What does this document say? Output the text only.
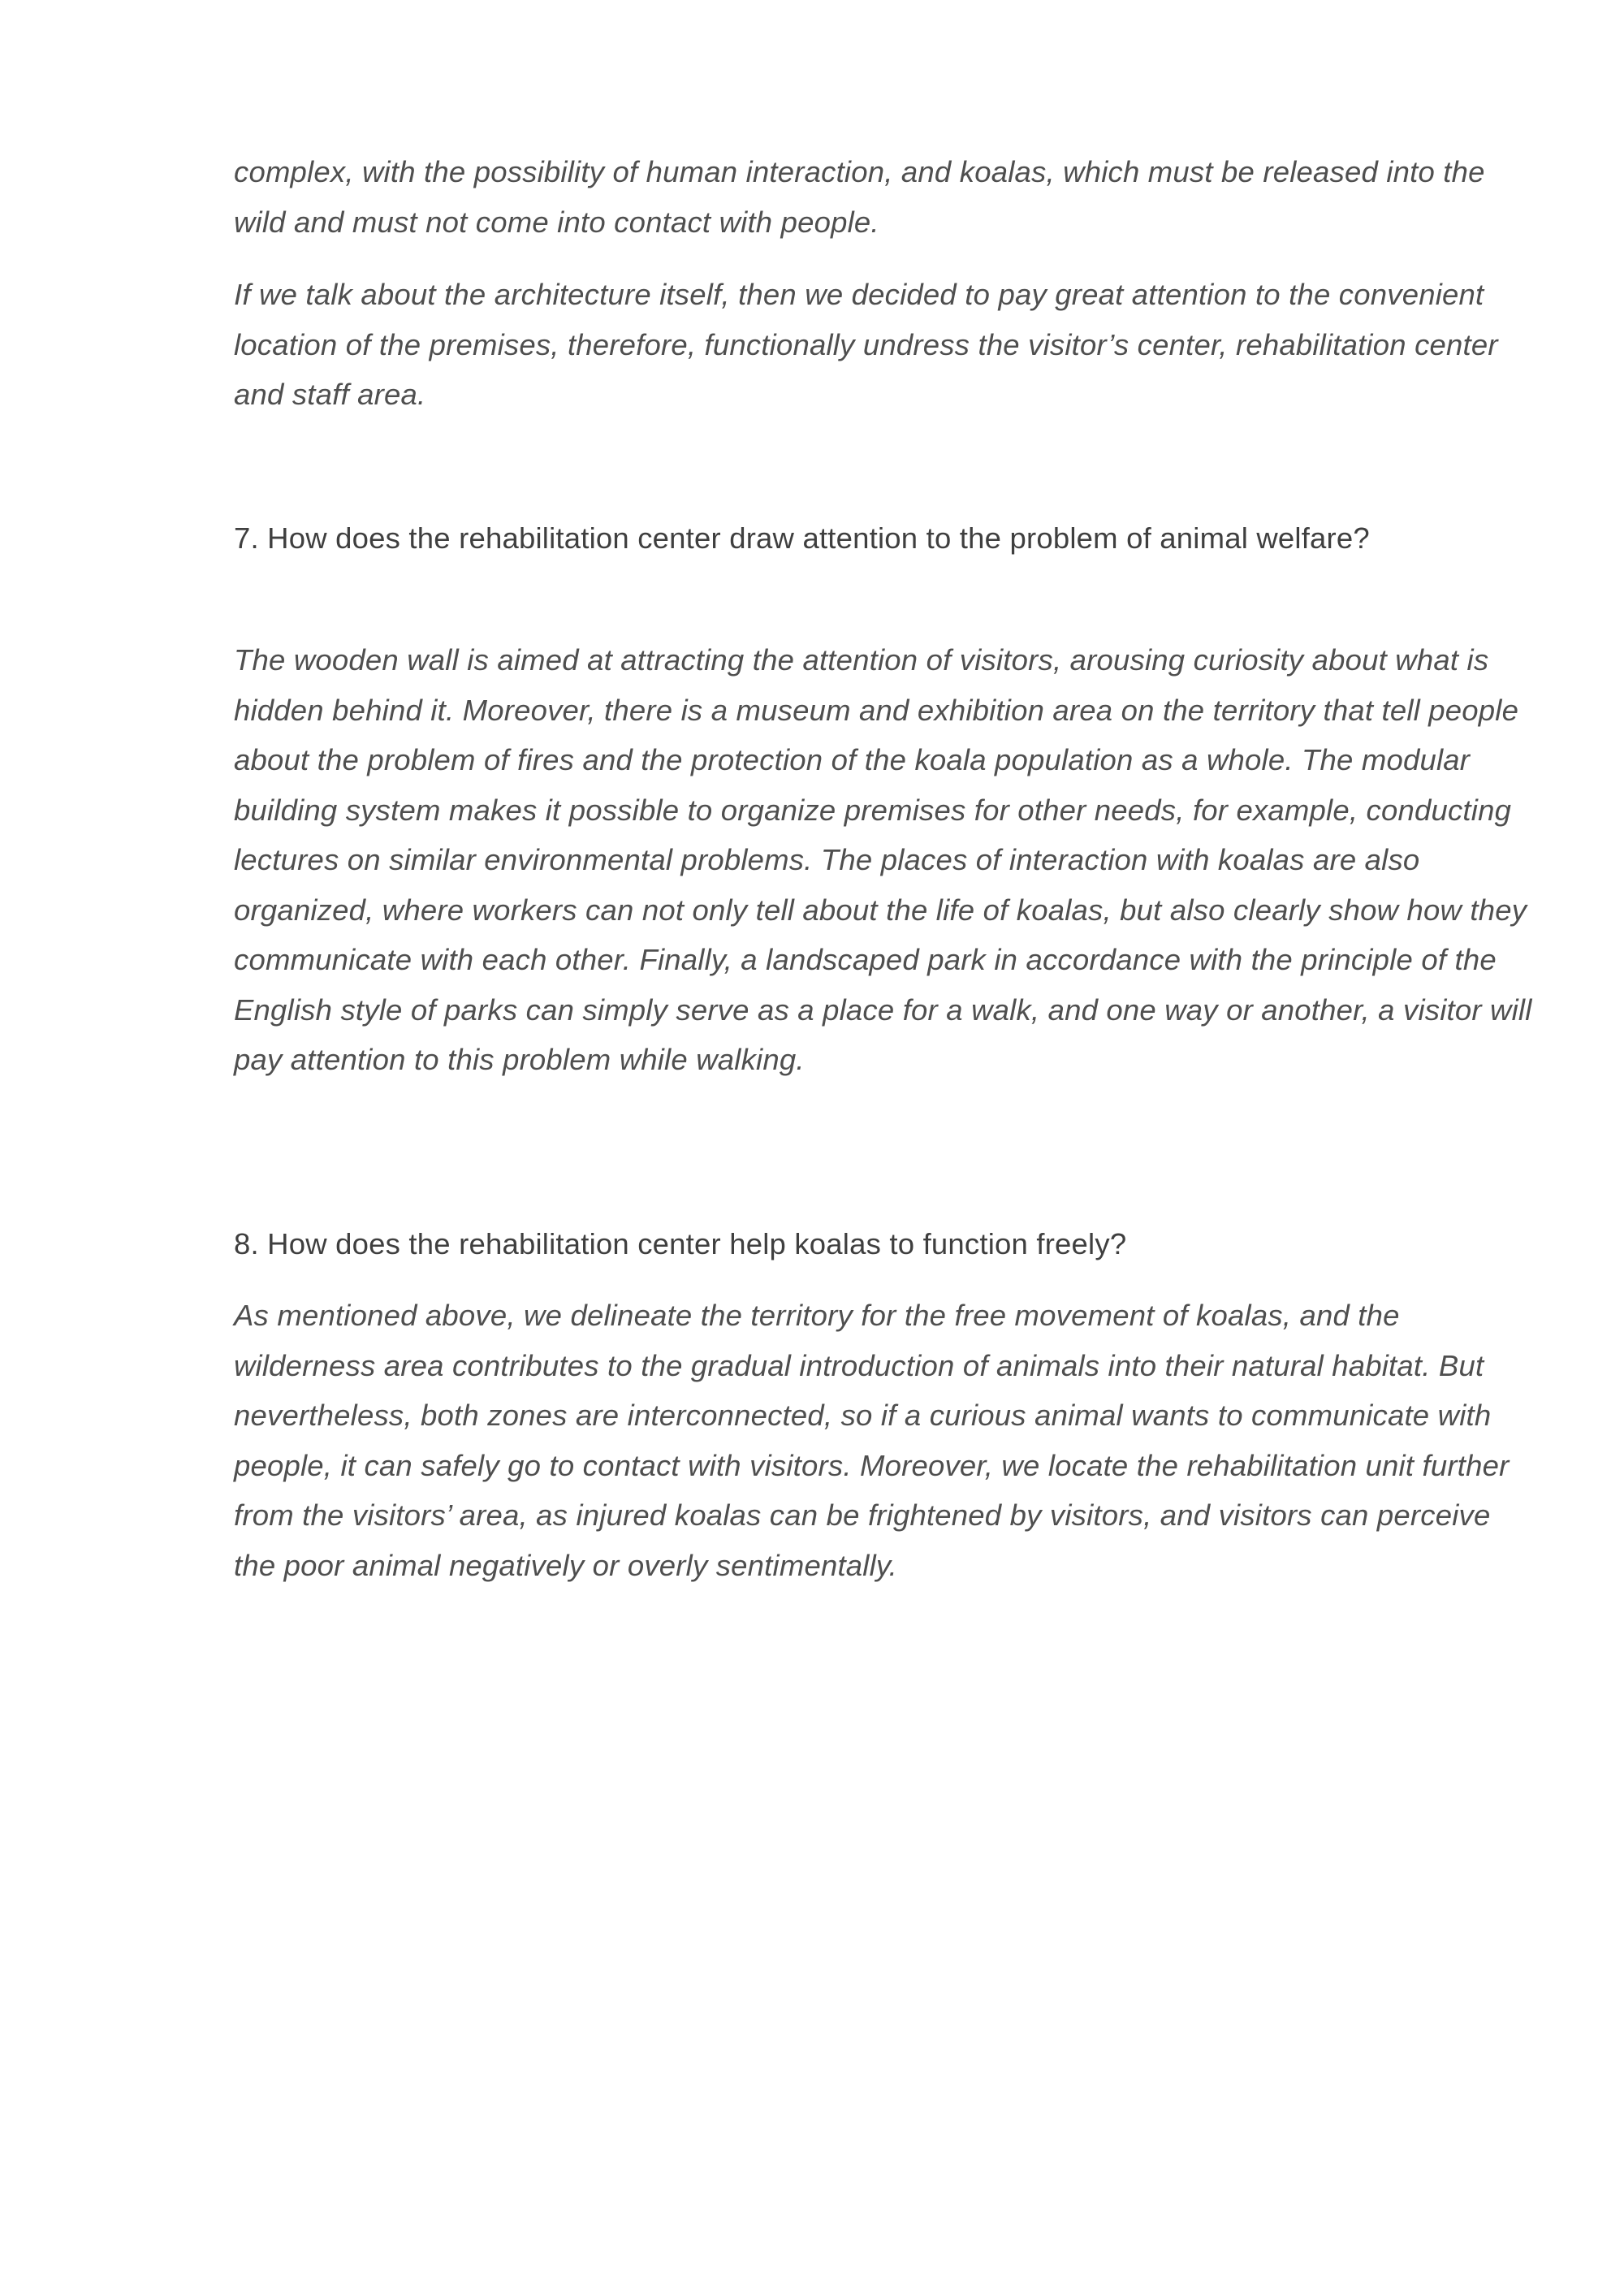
complex, with the possibility of human interaction, and koalas, which must be released into the wild and must not come into contact with people.

If we talk about the architecture itself, then we decided to pay great attention to the convenient location of the premises, therefore, functionally undress the visitor’s center, rehabilitation center and staff area.

7. How does the rehabilitation center draw attention to the problem of animal welfare?

The wooden wall is aimed at attracting the attention of visitors, arousing curiosity about what is hidden behind it. Moreover, there is a museum and exhibition area on the territory that tell people about the problem of fires and the protection of the koala population as a whole. The modular building system makes it possible to organize premises for other needs, for example, conducting lectures on similar environmental problems. The places of interaction with koalas are also organized, where workers can not only tell about the life of koalas, but also clearly show how they communicate with each other. Finally, a landscaped park in accordance with the principle of the English style of parks can simply serve as a place for a walk, and one way or another, a visitor will pay attention to this problem while walking.

8. How does the rehabilitation center help koalas to function freely?

As mentioned above, we delineate the territory for the free movement of koalas, and the wilderness area contributes to the gradual introduction of animals into their natural habitat. But nevertheless, both zones are interconnected, so if a curious animal wants to communicate with people, it can safely go to contact with visitors. Moreover, we locate the rehabilitation unit further from the visitors’ area, as injured koalas can be frightened by visitors, and visitors can perceive the poor animal negatively or overly sentimentally.
